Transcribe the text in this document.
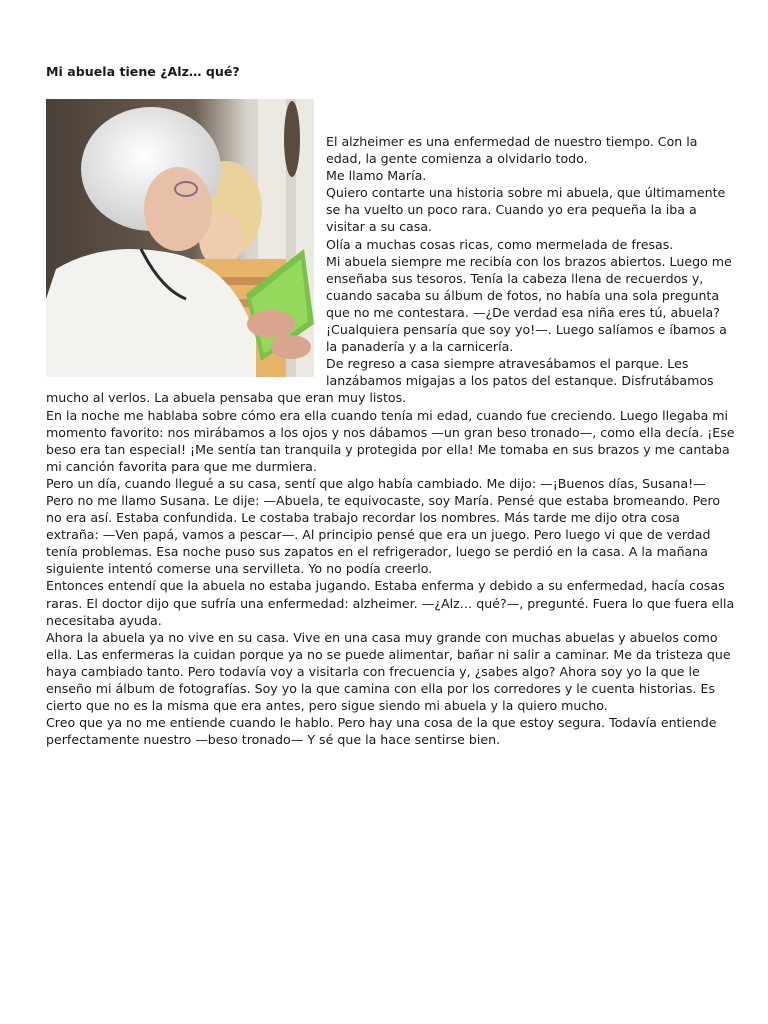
Mi abuela tiene ¿Alz… qué?

El alzheimer es una enfermedad de nuestro tiempo. Con la edad, la gente comienza a olvidarlo todo.

Me llamo María.

Quiero contarte una historia sobre mi abuela, que últimamente se ha vuelto un poco rara. Cuando yo era pequeña la iba a visitar a su casa.

Olía a muchas cosas ricas, como mermelada de fresas.

Mi abuela siempre me recibía con los brazos abiertos. Luego me enseñaba sus tesoros. Tenía la cabeza llena de recuerdos y, cuando sacaba su álbum de fotos, no había una sola pregunta que no me contestara. —¿De verdad esa niña eres tú, abuela? ¡Cualquiera pensaría que soy yo!—. Luego salíamos e íbamos a la panadería y a la carnicería.

De regreso a casa siempre atravesábamos el parque. Les lanzábamos migajas a los patos del estanque. Disfrutábamos mucho al verlos. La abuela pensaba que eran muy listos.

En la noche me hablaba sobre cómo era ella cuando tenía mi edad, cuando fue creciendo. Luego llegaba mi momento favorito: nos mirábamos a los ojos y nos dábamos —un gran beso tronado—, como ella decía. ¡Ese beso era tan especial! ¡Me sentía tan tranquila y protegida por ella! Me tomaba en sus brazos y me cantaba mi canción favorita para que me durmiera.

Pero un día, cuando llegué a su casa, sentí que algo había cambiado. Me dijo: —¡Buenos días, Susana!— Pero no me llamo Susana. Le dije: —Abuela, te equivocaste, soy María. Pensé que estaba bromeando. Pero no era así. Estaba confundida. Le costaba trabajo recordar los nombres. Más tarde me dijo otra cosa extraña: —Ven papá, vamos a pescar—. Al principio pensé que era un juego. Pero luego vi que de verdad tenía problemas. Esa noche puso sus zapatos en el refrigerador, luego se perdió en la casa. A la mañana siguiente intentó comerse una servilleta. Yo no podía creerlo.

Entonces entendí que la abuela no estaba jugando. Estaba enferma y debido a su enfermedad, hacía cosas raras. El doctor dijo que sufría una enfermedad: alzheimer. —¿Alz… qué?—, pregunté. Fuera lo que fuera ella necesitaba ayuda.

Ahora la abuela ya no vive en su casa. Vive en una casa muy grande con muchas abuelas y abuelos como ella. Las enfermeras la cuidan porque ya no se puede alimentar, bañar ni salir a caminar. Me da tristeza que haya cambiado tanto. Pero todavía voy a visitarla con frecuencia y, ¿sabes algo? Ahora soy yo la que le enseño mi álbum de fotografías. Soy yo la que camina con ella por los corredores y le cuenta historias. Es cierto que no es la misma que era antes, pero sigue siendo mi abuela y la quiero mucho.

Creo que ya no me entiende cuando le hablo. Pero hay una cosa de la que estoy segura. Todavía entiende perfectamente nuestro —beso tronado— Y sé que la hace sentirse bien.
